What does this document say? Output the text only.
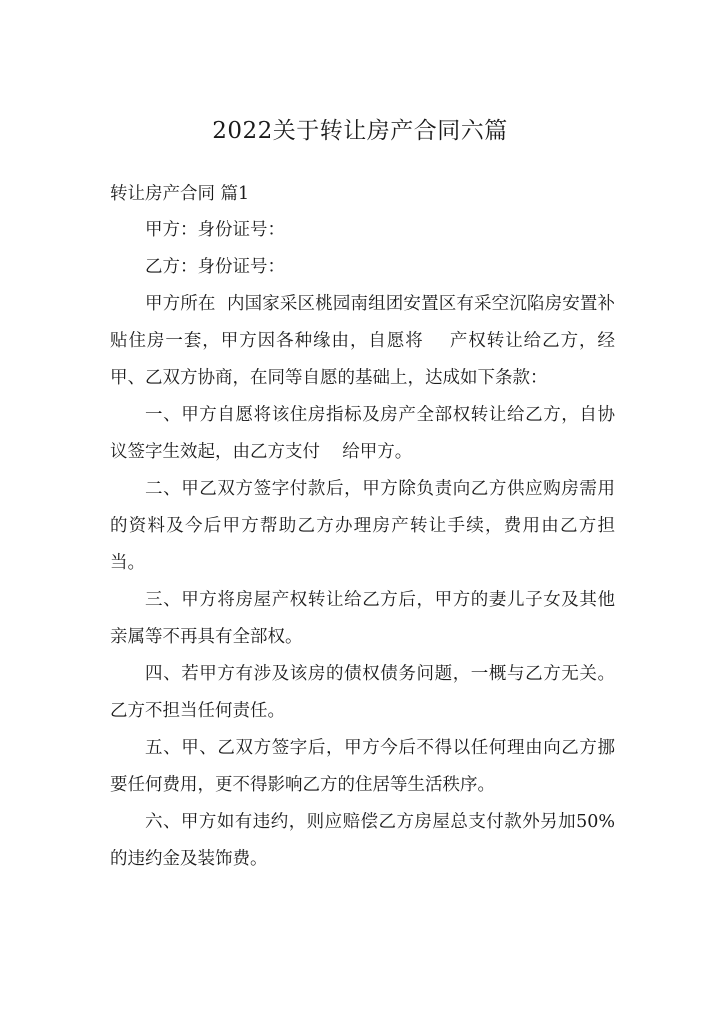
2022关于转让房产合同六篇
转让房产合同 篇1

甲方：身份证号：

乙方：身份证号：

甲方所在  内国家采区桃园南组团安置区有采空沉陷房安置补贴住房一套，甲方因各种缘由，自愿将    产权转让给乙方，经甲、乙双方协商，在同等自愿的基础上，达成如下条款：

一、甲方自愿将该住房指标及房产全部权转让给乙方，自协议签字生效起，由乙方支付    给甲方。

二、甲乙双方签字付款后，甲方除负责向乙方供应购房需用的资料及今后甲方帮助乙方办理房产转让手续，费用由乙方担当。

三、甲方将房屋产权转让给乙方后，甲方的妻儿子女及其他亲属等不再具有全部权。

四、若甲方有涉及该房的债权债务问题，一概与乙方无关。乙方不担当任何责任。

五、甲、乙双方签字后，甲方今后不得以任何理由向乙方挪要任何费用，更不得影响乙方的住居等生活秩序。

六、甲方如有违约，则应赔偿乙方房屋总支付款外另加50%的违约金及装饰费。
